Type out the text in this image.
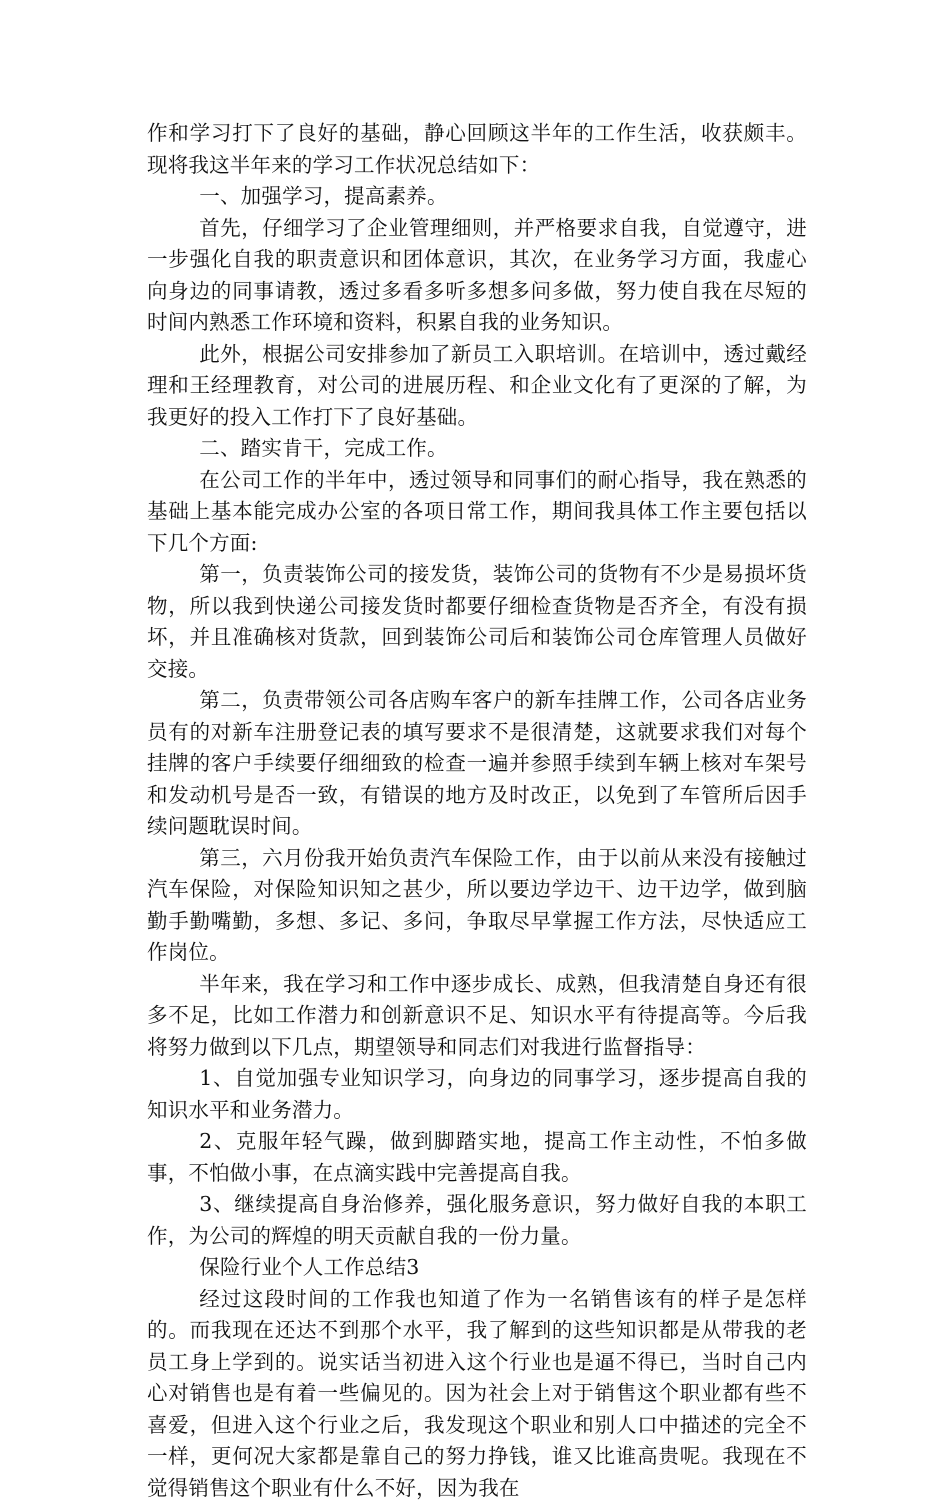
作和学习打下了良好的基础，静心回顾这半年的工作生活，收获颇丰。现将我这半年来的学习工作状况总结如下：

一、加强学习，提高素养。

首先，仔细学习了企业管理细则，并严格要求自我，自觉遵守，进一步强化自我的职责意识和团体意识，其次，在业务学习方面，我虚心向身边的同事请教，透过多看多听多想多问多做，努力使自我在尽短的时间内熟悉工作环境和资料，积累自我的业务知识。

此外，根据公司安排参加了新员工入职培训。在培训中，透过戴经理和王经理教育，对公司的进展历程、和企业文化有了更深的了解，为我更好的投入工作打下了良好基础。

二、踏实肯干，完成工作。

在公司工作的半年中，透过领导和同事们的耐心指导，我在熟悉的基础上基本能完成办公室的各项日常工作，期间我具体工作主要包括以下几个方面:

第一，负责装饰公司的接发货，装饰公司的货物有不少是易损坏货物，所以我到快递公司接发货时都要仔细检查货物是否齐全，有没有损坏，并且准确核对货款，回到装饰公司后和装饰公司仓库管理人员做好交接。

第二，负责带领公司各店购车客户的新车挂牌工作，公司各店业务员有的对新车注册登记表的填写要求不是很清楚，这就要求我们对每个挂牌的客户手续要仔细细致的检查一遍并参照手续到车辆上核对车架号和发动机号是否一致，有错误的地方及时改正，以免到了车管所后因手续问题耽误时间。

第三，六月份我开始负责汽车保险工作，由于以前从来没有接触过汽车保险，对保险知识知之甚少，所以要边学边干、边干边学，做到脑勤手勤嘴勤，多想、多记、多问，争取尽早掌握工作方法，尽快适应工作岗位。

半年来，我在学习和工作中逐步成长、成熟，但我清楚自身还有很多不足，比如工作潜力和创新意识不足、知识水平有待提高等。今后我将努力做到以下几点，期望领导和同志们对我进行监督指导：

1、自觉加强专业知识学习，向身边的同事学习，逐步提高自我的知识水平和业务潜力。

2、克服年轻气躁，做到脚踏实地，提高工作主动性，不怕多做事，不怕做小事，在点滴实践中完善提高自我。

3、继续提高自身治修养，强化服务意识，努力做好自我的本职工作，为公司的辉煌的明天贡献自我的一份力量。

保险行业个人工作总结3

经过这段时间的工作我也知道了作为一名销售该有的样子是怎样的。而我现在还达不到那个水平，我了解到的这些知识都是从带我的老员工身上学到的。说实话当初进入这个行业也是逼不得已，当时自己内心对销售也是有着一些偏见的。因为社会上对于销售这个职业都有些不喜爱，但进入这个行业之后，我发现这个职业和别人口中描述的完全不一样，更何况大家都是靠自己的努力挣钱，谁又比谁高贵呢。我现在不觉得销售这个职业有什么不好，因为我在
